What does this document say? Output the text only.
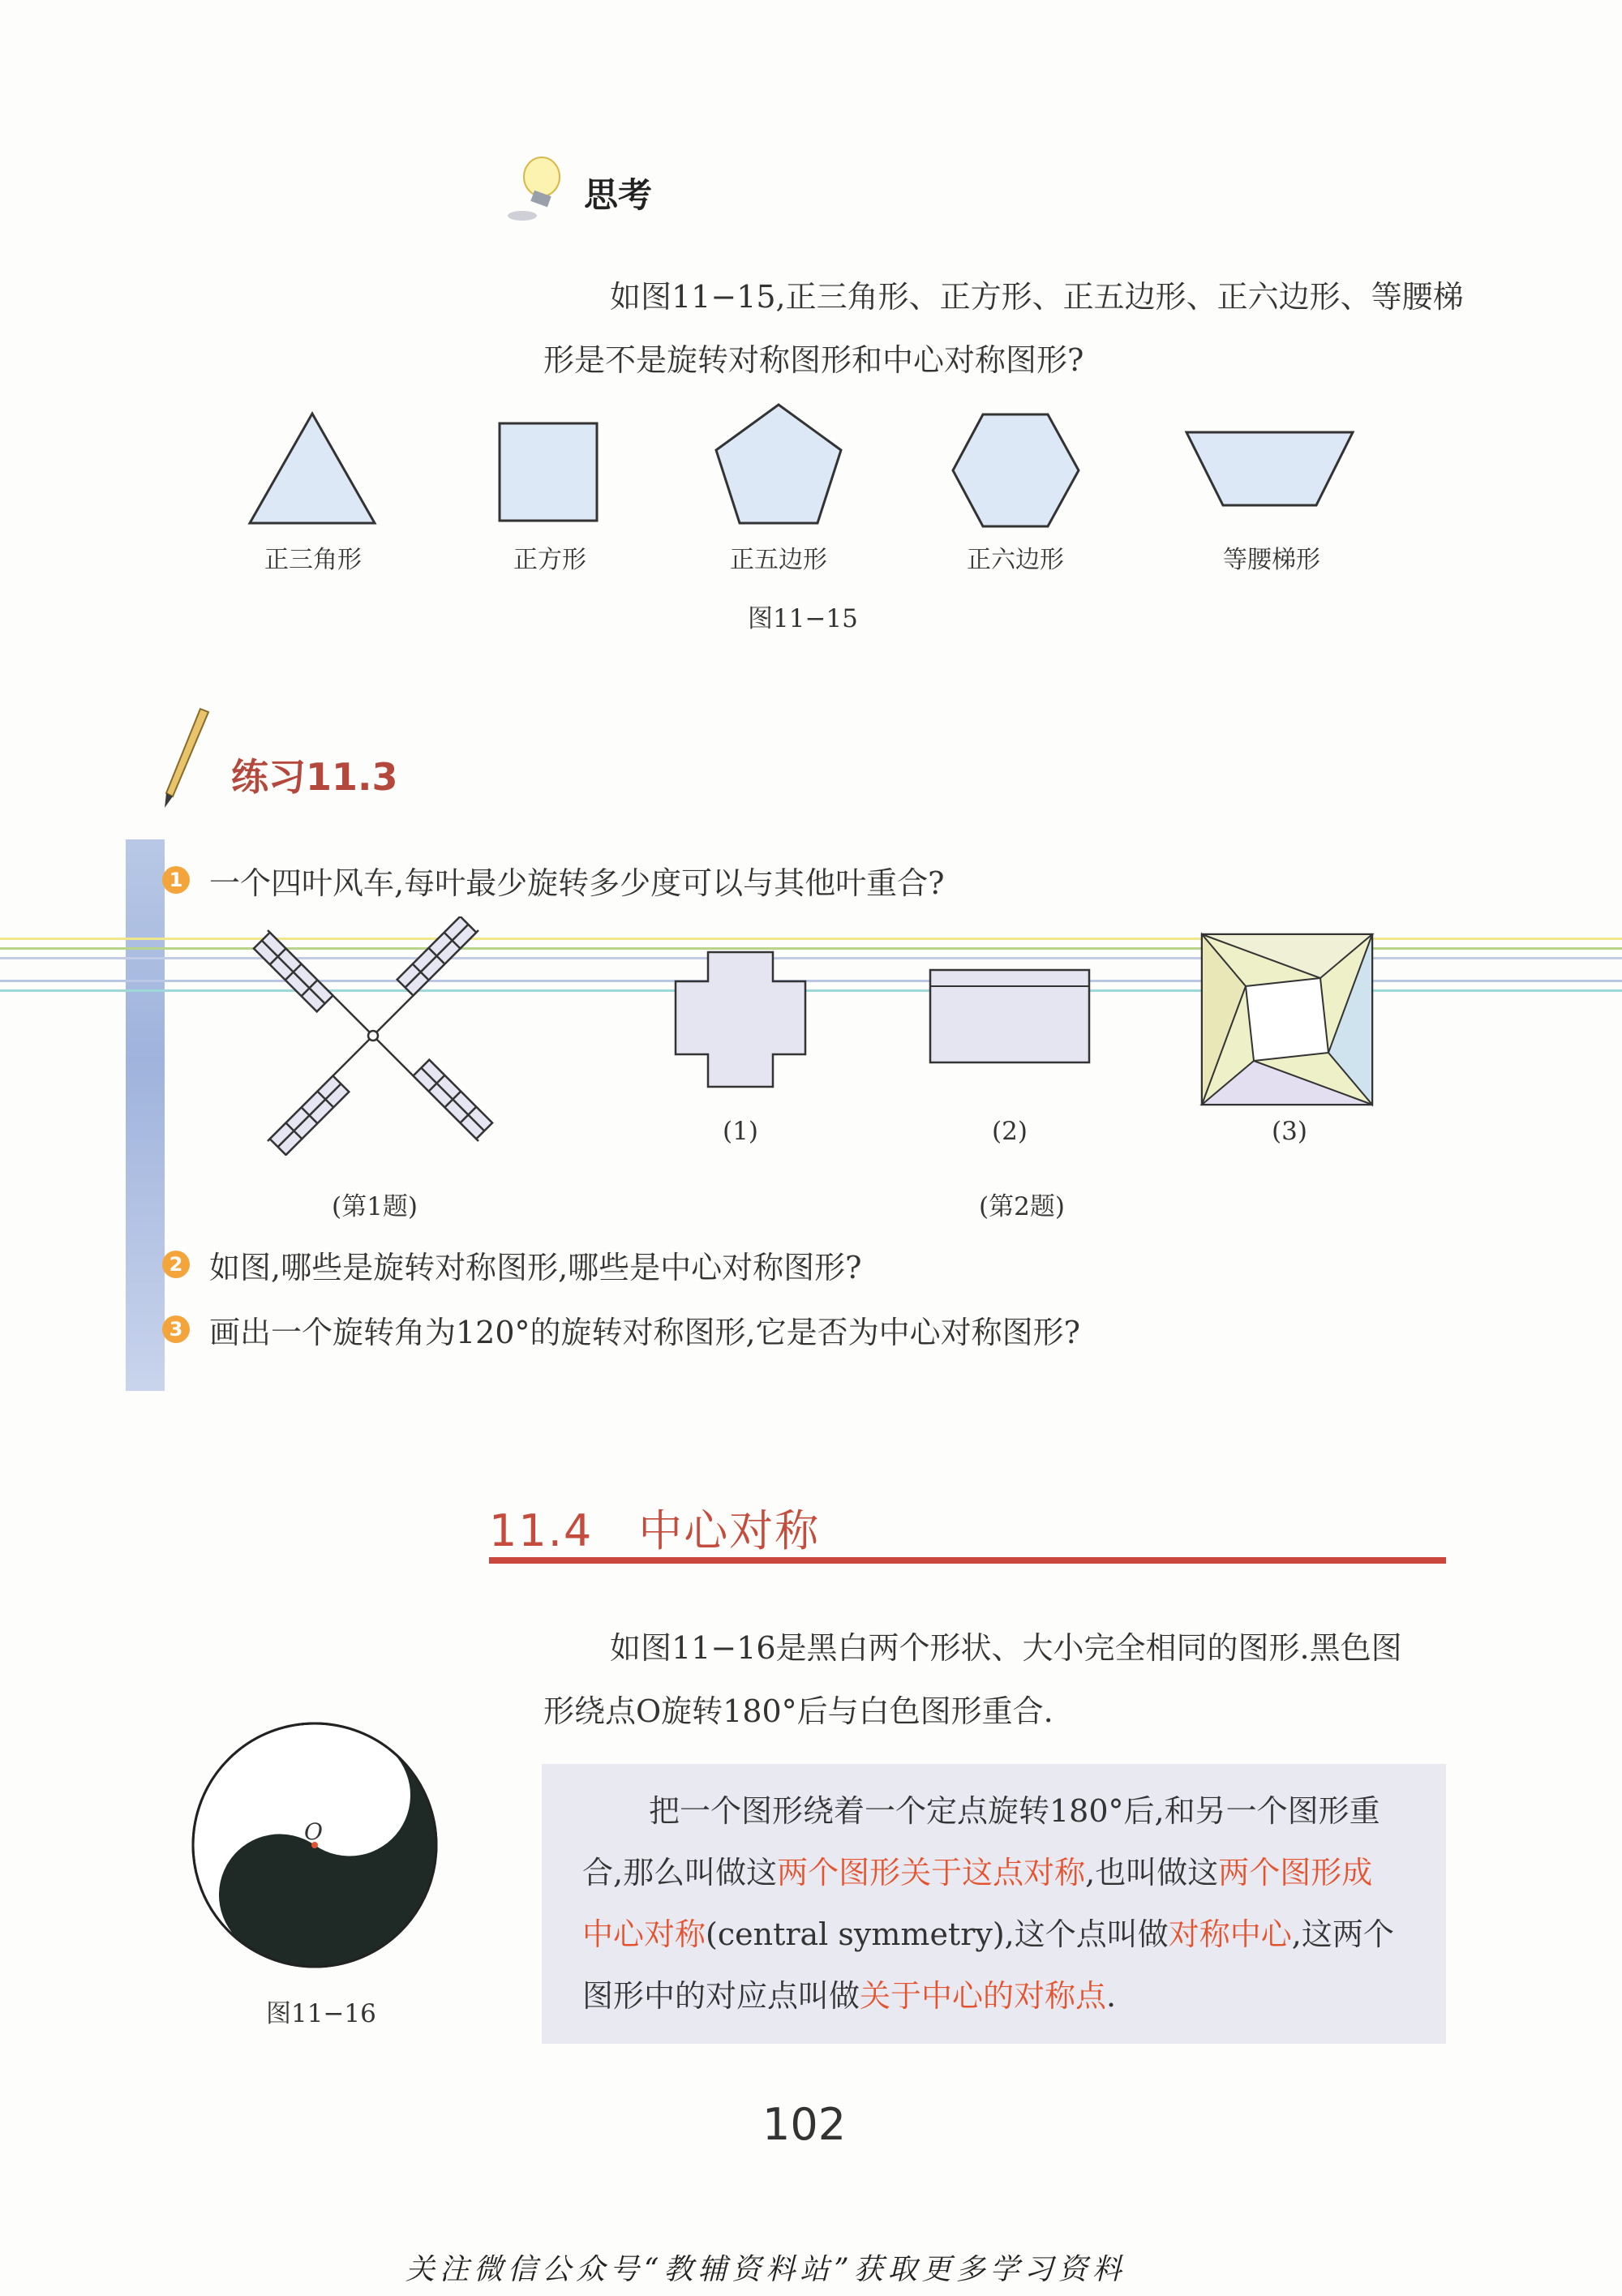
思考
如图11−15,正三角形、正方形、正五边形、正六边形、等腰梯
形是不是旋转对称图形和中心对称图形?
正三角形	正方形	正五边形	正六边形	等腰梯形
图11−15
练习11.3
1 一个四叶风车,每叶最少旋转多少度可以与其他叶重合?
(第1题)
(1)	(2)	(3)
(第2题)
2 如图,哪些是旋转对称图形,哪些是中心对称图形?
3 画出一个旋转角为120°的旋转对称图形,它是否为中心对称图形?
11.4 中心对称
如图11−16是黑白两个形状、大小完全相同的图形.黑色图
形绕点O旋转180°后与白色图形重合.
O
图11−16
把一个图形绕着一个定点旋转180°后,和另一个图形重
合,那么叫做这两个图形关于这点对称,也叫做这两个图形成
中心对称(central symmetry),这个点叫做对称中心,这两个
图形中的对应点叫做关于中心的对称点.
102
关注微信公众号“教辅资料站”获取更多学习资料
